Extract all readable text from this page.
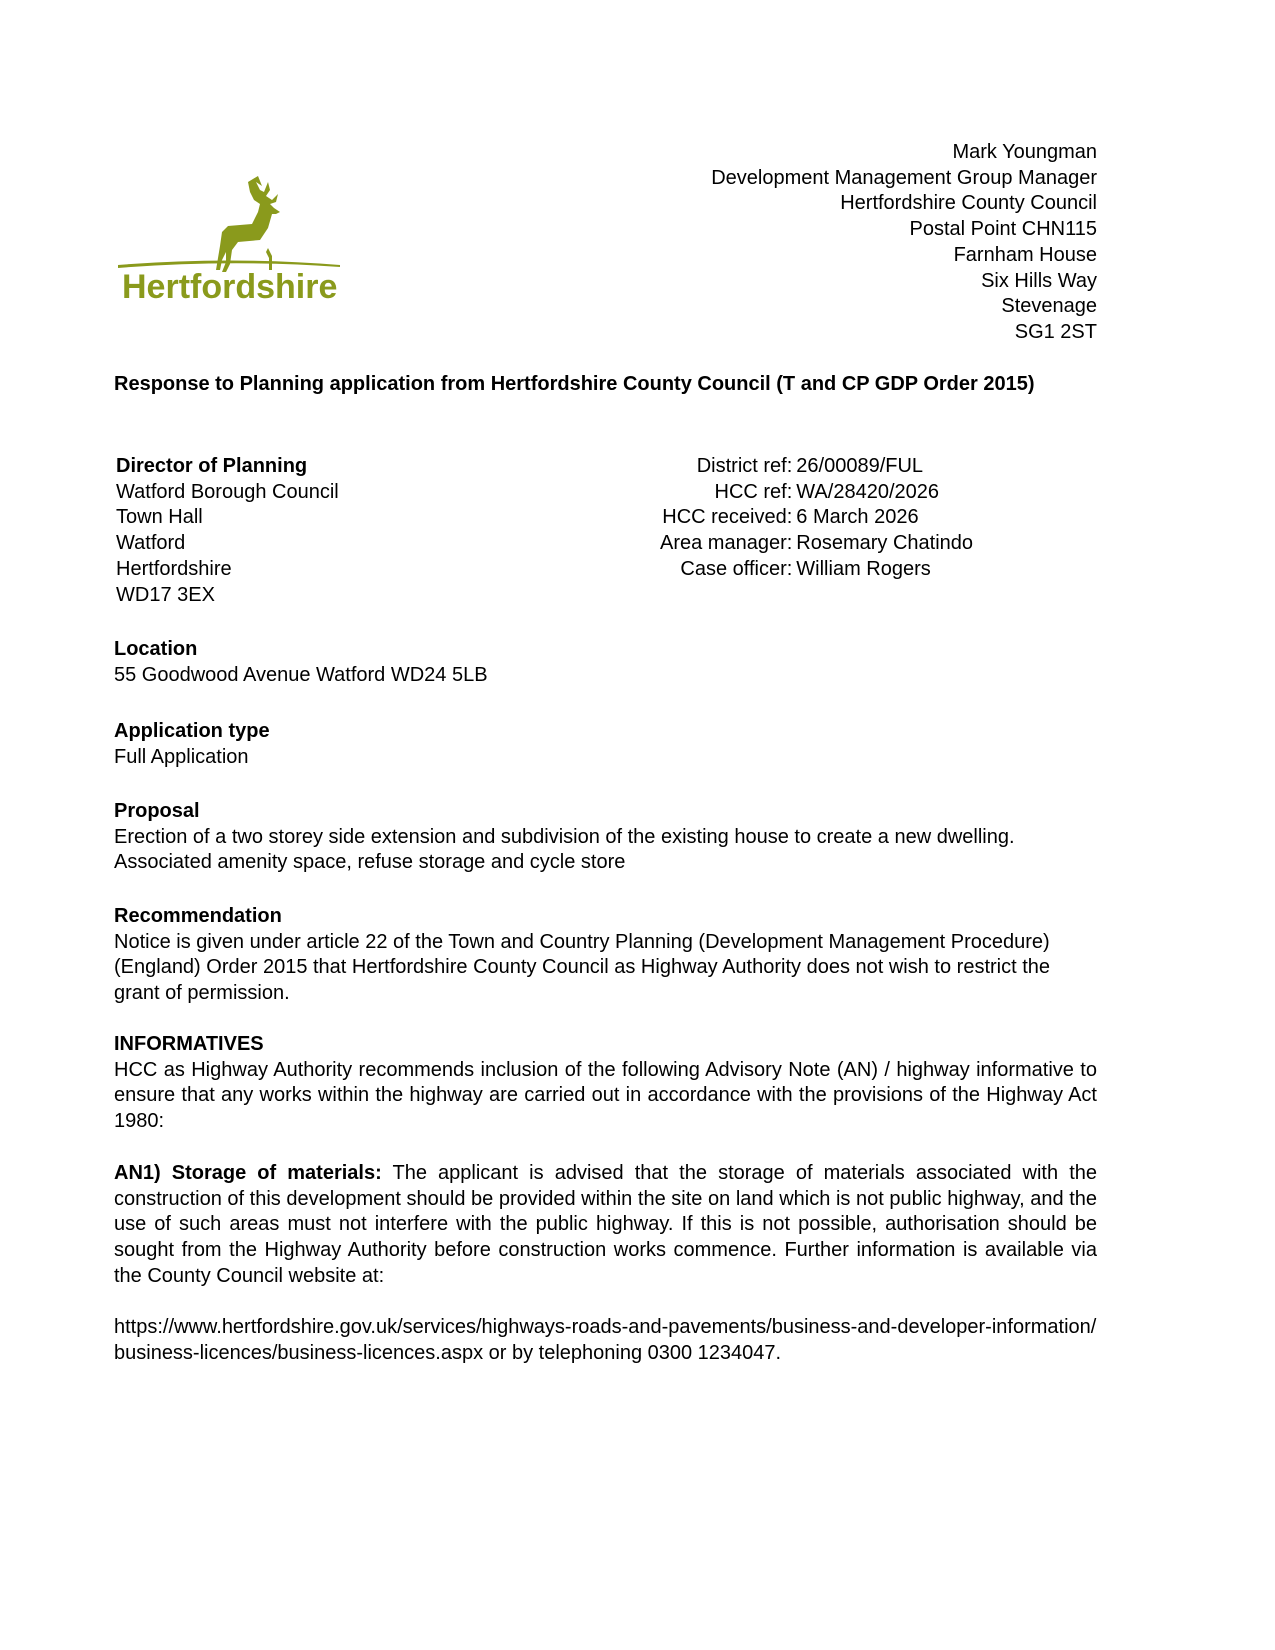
Hertfordshire
Mark Youngman
Development Management Group Manager
Hertfordshire County Council
Postal Point CHN115
Farnham House
Six Hills Way
Stevenage
SG1 2ST
Response to Planning application from Hertfordshire County Council (T and CP GDP Order 2015)
Director of Planning
Watford Borough Council
Town Hall
Watford
Hertfordshire
WD17 3EX
District ref:	26/00089/FUL
HCC ref:	WA/28420/2026
HCC received:	6 March 2026
Area manager:	Rosemary Chatindo
Case officer:	William Rogers
Location
55 Goodwood Avenue Watford WD24 5LB
Application type
Full Application
Proposal
Erection of a two storey side extension and subdivision of the existing house to create a new dwelling. Associated amenity space, refuse storage and cycle store
Recommendation
Notice is given under article 22 of the Town and Country Planning (Development Management Procedure) (England) Order 2015 that Hertfordshire County Council as Highway Authority does not wish to restrict the grant of permission.
INFORMATIVES
HCC as Highway Authority recommends inclusion of the following Advisory Note (AN) / highway informative to ensure that any works within the highway are carried out in accordance with the provisions of the Highway Act 1980:
AN1) Storage of materials: The applicant is advised that the storage of materials associated with the construction of this development should be provided within the site on land which is not public highway, and the use of such areas must not interfere with the public highway. If this is not possible, authorisation should be sought from the Highway Authority before construction works commence. Further information is available via the County Council website at:
https://www.hertfordshire.gov.uk/services/highways-roads-and-pavements/business-and-developer-information/business-licences/business-licences.aspx or by telephoning 0300 1234047.
